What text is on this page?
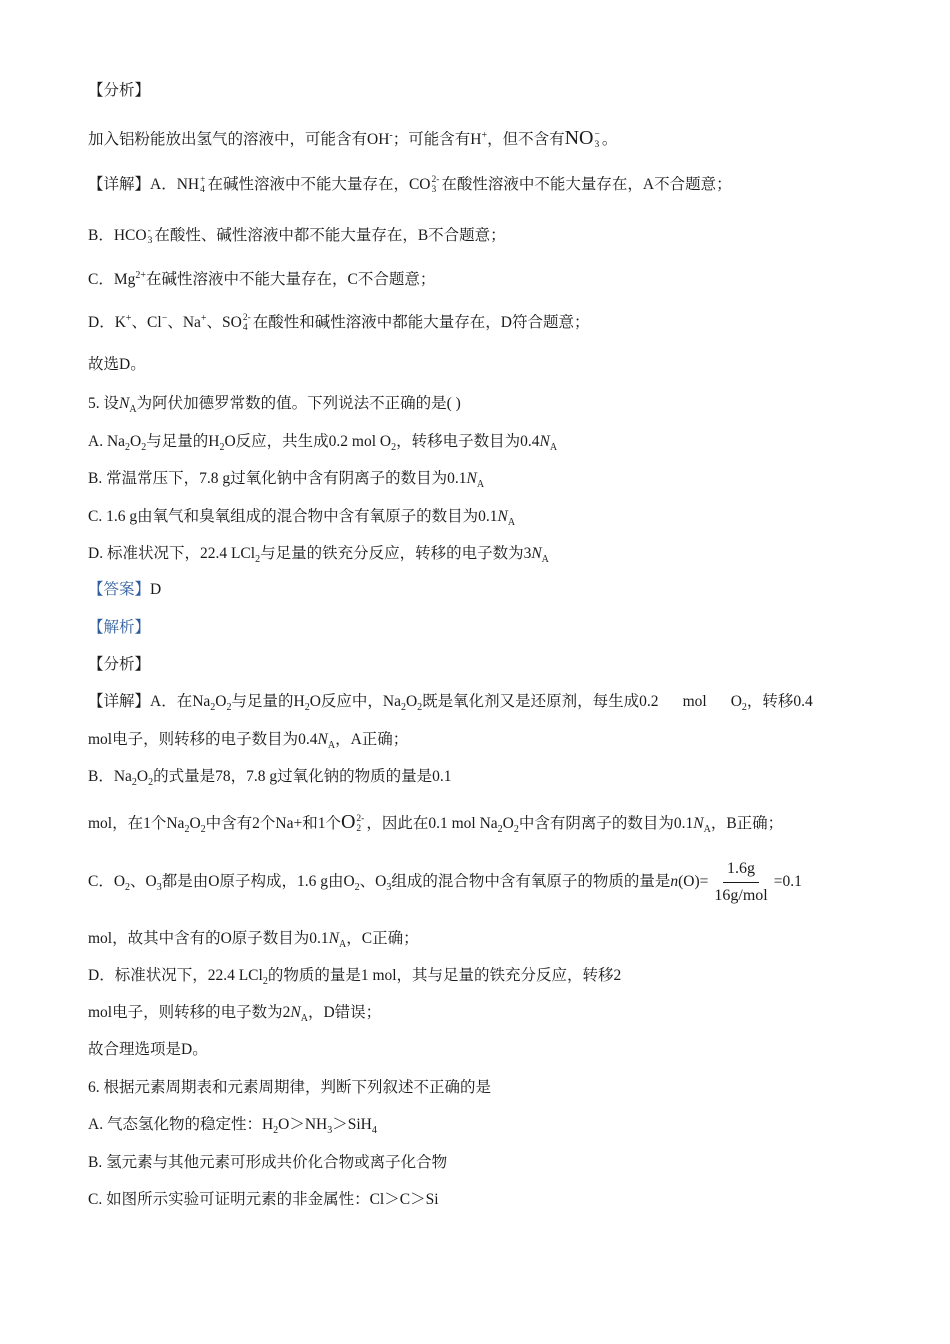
【分析】
加入铝粉能放出氢气的溶液中，可能含有OH-；可能含有H+，但不含有NO −
3 。
【详解】A．NH +
4 在碱性溶液中不能大量存在，CO 2-
3 在酸性溶液中不能大量存在，A不合题意；
B．HCO -
3 在酸性、碱性溶液中都不能大量存在，B不合题意；
C．$Mg^{2+}$在碱性溶液中不能大量存在，C不合题意；
D．K+、Cl−、Na+、SO 2-
4 在酸性和碱性溶液中都能大量存在，D符合题意；
故选D。
5. 设$N_A$为阿伏加德罗常数的值。下列说法不正确的是( )
A. $Na_2O_2$与足量的$H_2O$反应，共生成0.2 mol $O_2$，转移电子数目为$0.4N_A$
B. 常温常压下，7.8 g过氧化钠中含有阴离子的数目为$0.1N_A$
C. 1.6 g由氧气和臭氧组成的混合物中含有氧原子的数目为$0.1N_A$
D. 标准状况下，22.4 LCl$_2$与足量的铁充分反应，转移的电子数为$3N_A$
【答案】D
【解析】
【分析】
【详解】A．在$Na_2O_2$与足量的$H_2O$反应中，$Na_2O_2$既是氧化剂又是还原剂，每生成0.2 mol $O_2$，转移0.4
mol电子，则转移的电子数目为$0.4N_A$，A正确；
B．$Na_2O_2$的式量是78，7.8 g过氧化钠的物质的量是0.1
mol，在1个$Na_2O_2$中含有2个Na+和1个O 2-
2 ，因此在0.1 mol $Na_2O_2$中含有阴离子的数目为$0.1N_A$，B正确；
C．$O_2$、$O_3$都是由O原子构成，1.6 g由$O_2$、$O_3$组成的混合物中含有氧原子的物质的量是$n(O)= \frac{1.6g}{\text{16g/mol}} =0.1$
mol，故其中含有的O原子数目为$0.1N_A$，C正确；
D．标准状况下，22.4 LCl$_2$的物质的量是1 mol，其与足量的铁充分反应，转移2
mol电子，则转移的电子数为$2N_A$，D错误；
故合理选项是D。
6. 根据元素周期表和元素周期律，判断下列叙述不正确的是
A. 气态氢化物的稳定性：$H_2O>NH_3>SiH_4$
B. 氢元素与其他元素可形成共价化合物或离子化合物
C. 如图所示实验可证明元素的非金属性：Cl＞C＞Si
